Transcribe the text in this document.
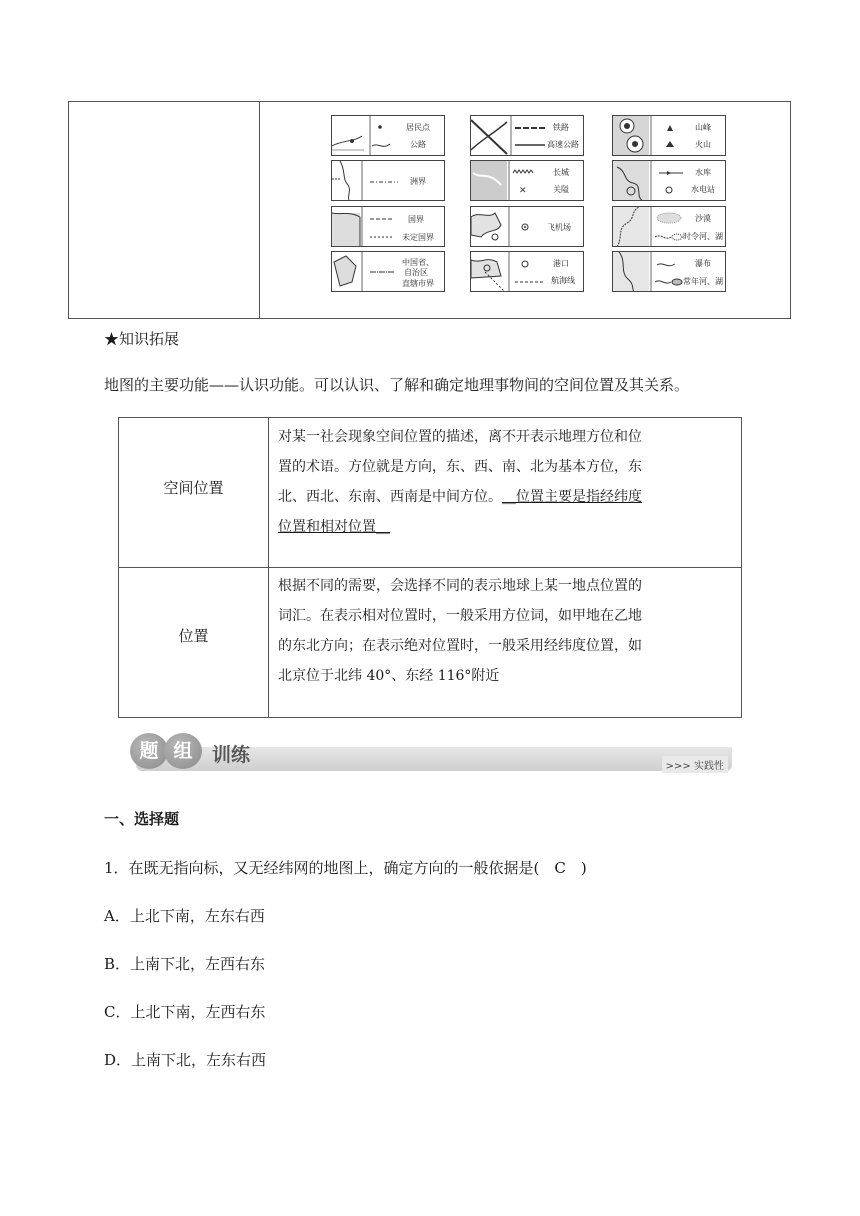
居民点
公路
洲界
国界
未定国界
中国省、
自治区
直辖市界
铁路
高速公路
✕
长城
关隘
飞机场
港口
航海线
山峰
火山
水库
水电站
沙漠
时令河、湖
瀑布
常年河、湖
★知识拓展
地图的主要功能——认识功能。可以认识、了解和确定地理事物间的空间位置及其关系。
空间位置
对某一社会现象空间位置的描述，离不开表示地理方位和位
置的术语。方位就是方向，东、西、南、北为基本方位，东
北、西北、东南、西南是中间方位。__位置主要是指经纬度
位置和相对位置__
位置
根据不同的需要，会选择不同的表示地球上某一地点位置的
词汇。在表示相对位置时，一般采用方位词，如甲地在乙地
的东北方向；在表示绝对位置时，一般采用经纬度位置，如
北京位于北纬 40°、东经 116°附近
题 组	训练
>>> 实践性
一、选择题
1．在既无指向标，又无经纬网的地图上，确定方向的一般依据是(　C　)
A．上北下南，左东右西
B．上南下北，左西右东
C．上北下南，左西右东
D．上南下北，左东右西
